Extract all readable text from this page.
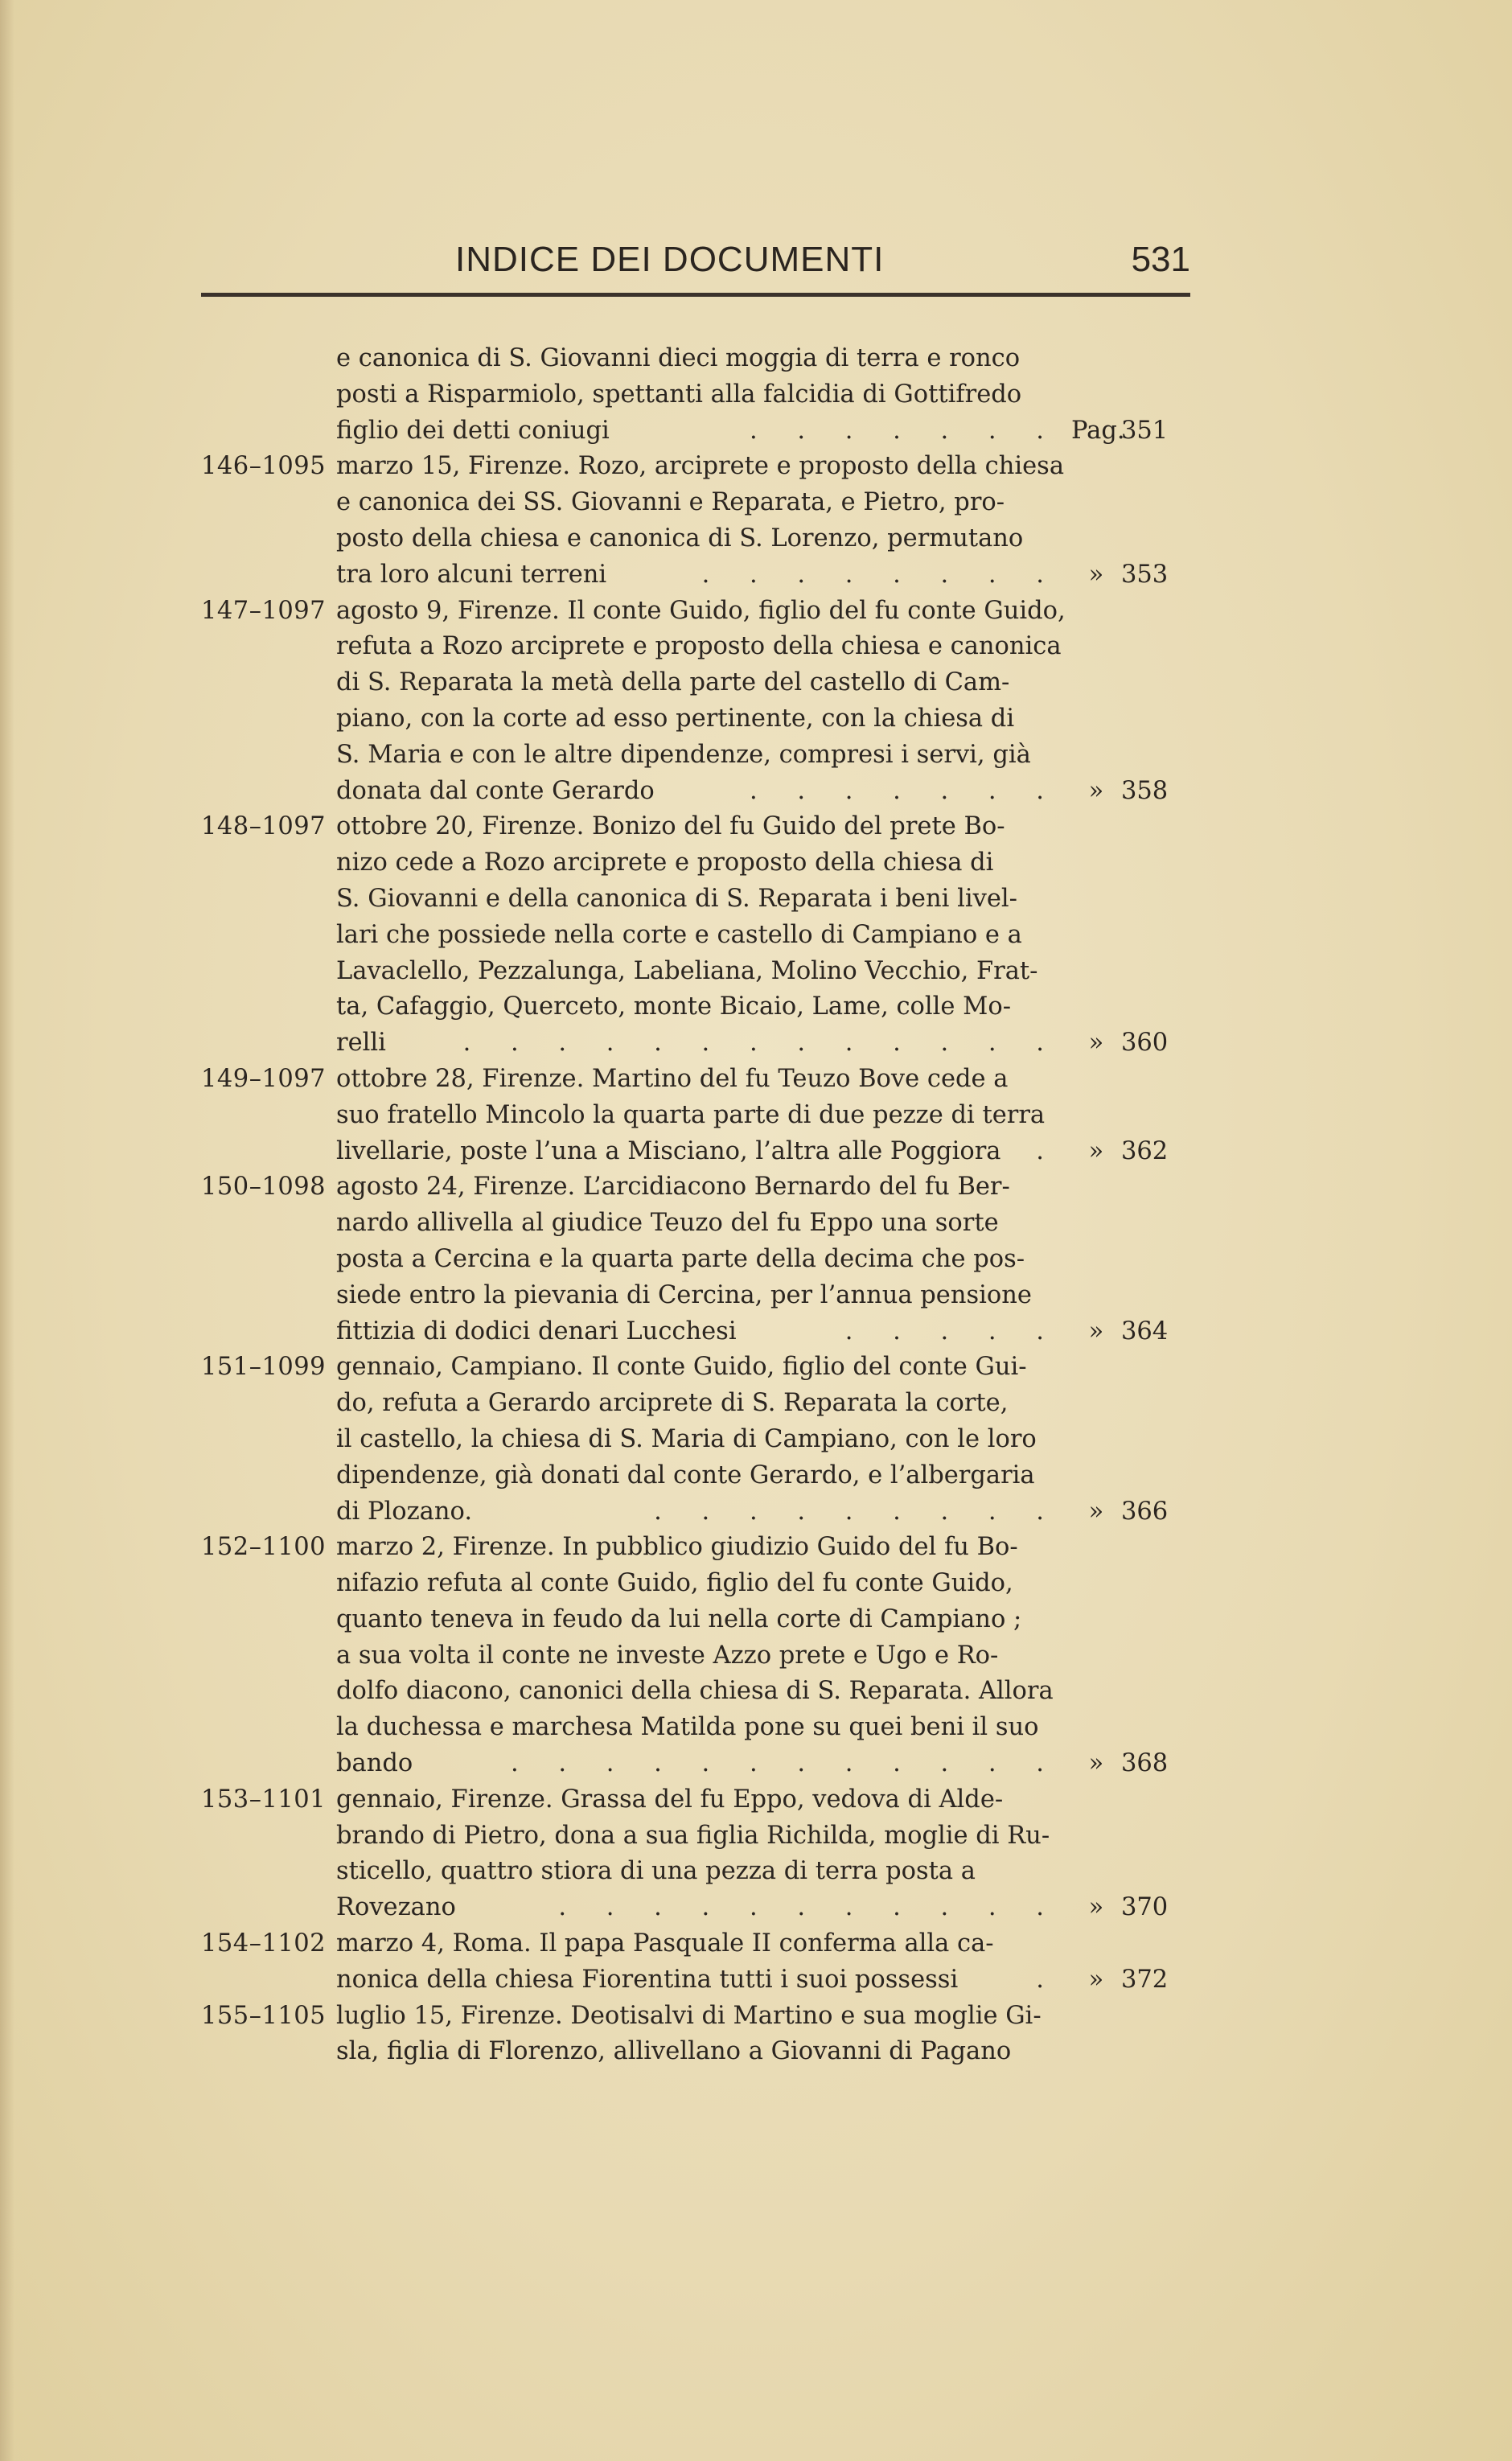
INDICE DEI DOCUMENTI	531
e canonica di S. Giovanni dieci moggia di terra e ronco
posti a Risparmiolo, spettanti alla falcidia di Gottifredo
figlio dei detti coniugi	. . . . . . . Pag.351
146–1095 marzo 15, Firenze. Rozo, arciprete e proposto della chiesa
e canonica dei SS. Giovanni e Reparata, e Pietro, pro-
posto della chiesa e canonica di S. Lorenzo, permutano
tra loro alcuni terreni	. . . . . . . .	» 353
147–1097 agosto 9, Firenze. Il conte Guido, figlio del fu conte Guido,
refuta a Rozo arciprete e proposto della chiesa e canonica
di S. Reparata la metà della parte del castello di Cam-
piano, con la corte ad esso pertinente, con la chiesa di
S. Maria e con le altre dipendenze, compresi i servi, già
donata dal conte Gerardo	. . . . . . .	» 358
148–1097 ottobre 20, Firenze. Bonizo del fu Guido del prete Bo-
nizo cede a Rozo arciprete e proposto della chiesa di
S. Giovanni e della canonica di S. Reparata i beni livel-
lari che possiede nella corte e castello di Campiano e a
Lavaclello, Pezzalunga, Labeliana, Molino Vecchio, Frat-
ta, Cafaggio, Querceto, monte Bicaio, Lame, colle Mo-
relli	. . . . . . . . . . . . .	» 360
149–1097 ottobre 28, Firenze. Martino del fu Teuzo Bove cede a
suo fratello Mincolo la quarta parte di due pezze di terra
livellarie, poste l’una a Misciano, l’altra alle Poggiora .	» 362
150–1098 agosto 24, Firenze. L’arcidiacono Bernardo del fu Ber-
nardo allivella al giudice Teuzo del fu Eppo una sorte
posta a Cercina e la quarta parte della decima che pos-
siede entro la pievania di Cercina, per l’annua pensione
fittizia di dodici denari Lucchesi	. . . . .	» 364
151–1099 gennaio, Campiano. Il conte Guido, figlio del conte Gui-
do, refuta a Gerardo arciprete di S. Reparata la corte,
il castello, la chiesa di S. Maria di Campiano, con le loro
dipendenze, già donati dal conte Gerardo, e l’albergaria
di Plozano.	. . . . . . . . .	» 366
152–1100 marzo 2, Firenze. In pubblico giudizio Guido del fu Bo-
nifazio refuta al conte Guido, figlio del fu conte Guido,
quanto teneva in feudo da lui nella corte di Campiano ;
a sua volta il conte ne investe Azzo prete e Ugo e Ro-
dolfo diacono, canonici della chiesa di S. Reparata. Allora
la duchessa e marchesa Matilda pone su quei beni il suo
bando	. . . . . . . . . . . .	» 368
153–1101 gennaio, Firenze. Grassa del fu Eppo, vedova di Alde-
brando di Pietro, dona a sua figlia Richilda, moglie di Ru-
sticello, quattro stiora di una pezza di terra posta a
Rovezano	. . . . . . . . . . .	» 370
154–1102 marzo 4, Roma. Il papa Pasquale II conferma alla ca-
nonica della chiesa Fiorentina tutti i suoi possessi	.	» 372
155–1105 luglio 15, Firenze. Deotisalvi di Martino e sua moglie Gi-
sla, figlia di Florenzo, allivellano a Giovanni di Pagano
